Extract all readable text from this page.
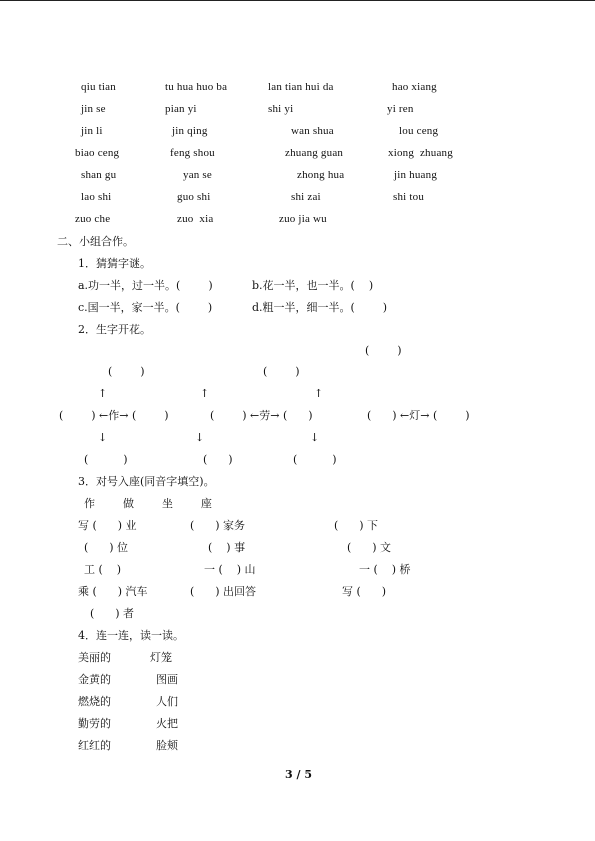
qiu tian	tu hua huo ba	lan tian hui da	hao xiang
jin se	pian yi	shi yi	yi ren
jin li	jin qing	wan shua	lou ceng
biao ceng	feng shou	zhuang guan	xiong  zhuang
shan gu	yan se	zhong hua	jin huang
lao shi	guo shi	shi zai	shi tou
zuo che	zuo  xia	zuo jia wu
二、小组合作。
1．猜猜字谜。
a.功一半，过一半。(        )	b.花一半，也一半。(    )
c.国一半，家一半。(        )	d.粗一半，细一半。(        )
2．生字开花。
(        )
(        )	(        )
↑	↑	↑
(        ) ←作→ (        )	(        ) ←劳→ (      )	(      ) ←灯→ (        )
↓	↓	↓
(          )	(      )	(          )
3．对号入座(同音字填空)。
作        做        坐        座
写 (      ) 业	(      ) 家务	(      ) 下
(      ) 位	(    ) 事	(      ) 文
工 (    )	一 (    ) 山	一 (    ) 桥
乘 (      ) 汽车	(      ) 出回答	写 (      )
(      ) 者
4．连一连，读一读。
美丽的	灯笼
金黄的	图画
燃烧的	人们
勤劳的	火把
红红的	脸颊
3 / 5
